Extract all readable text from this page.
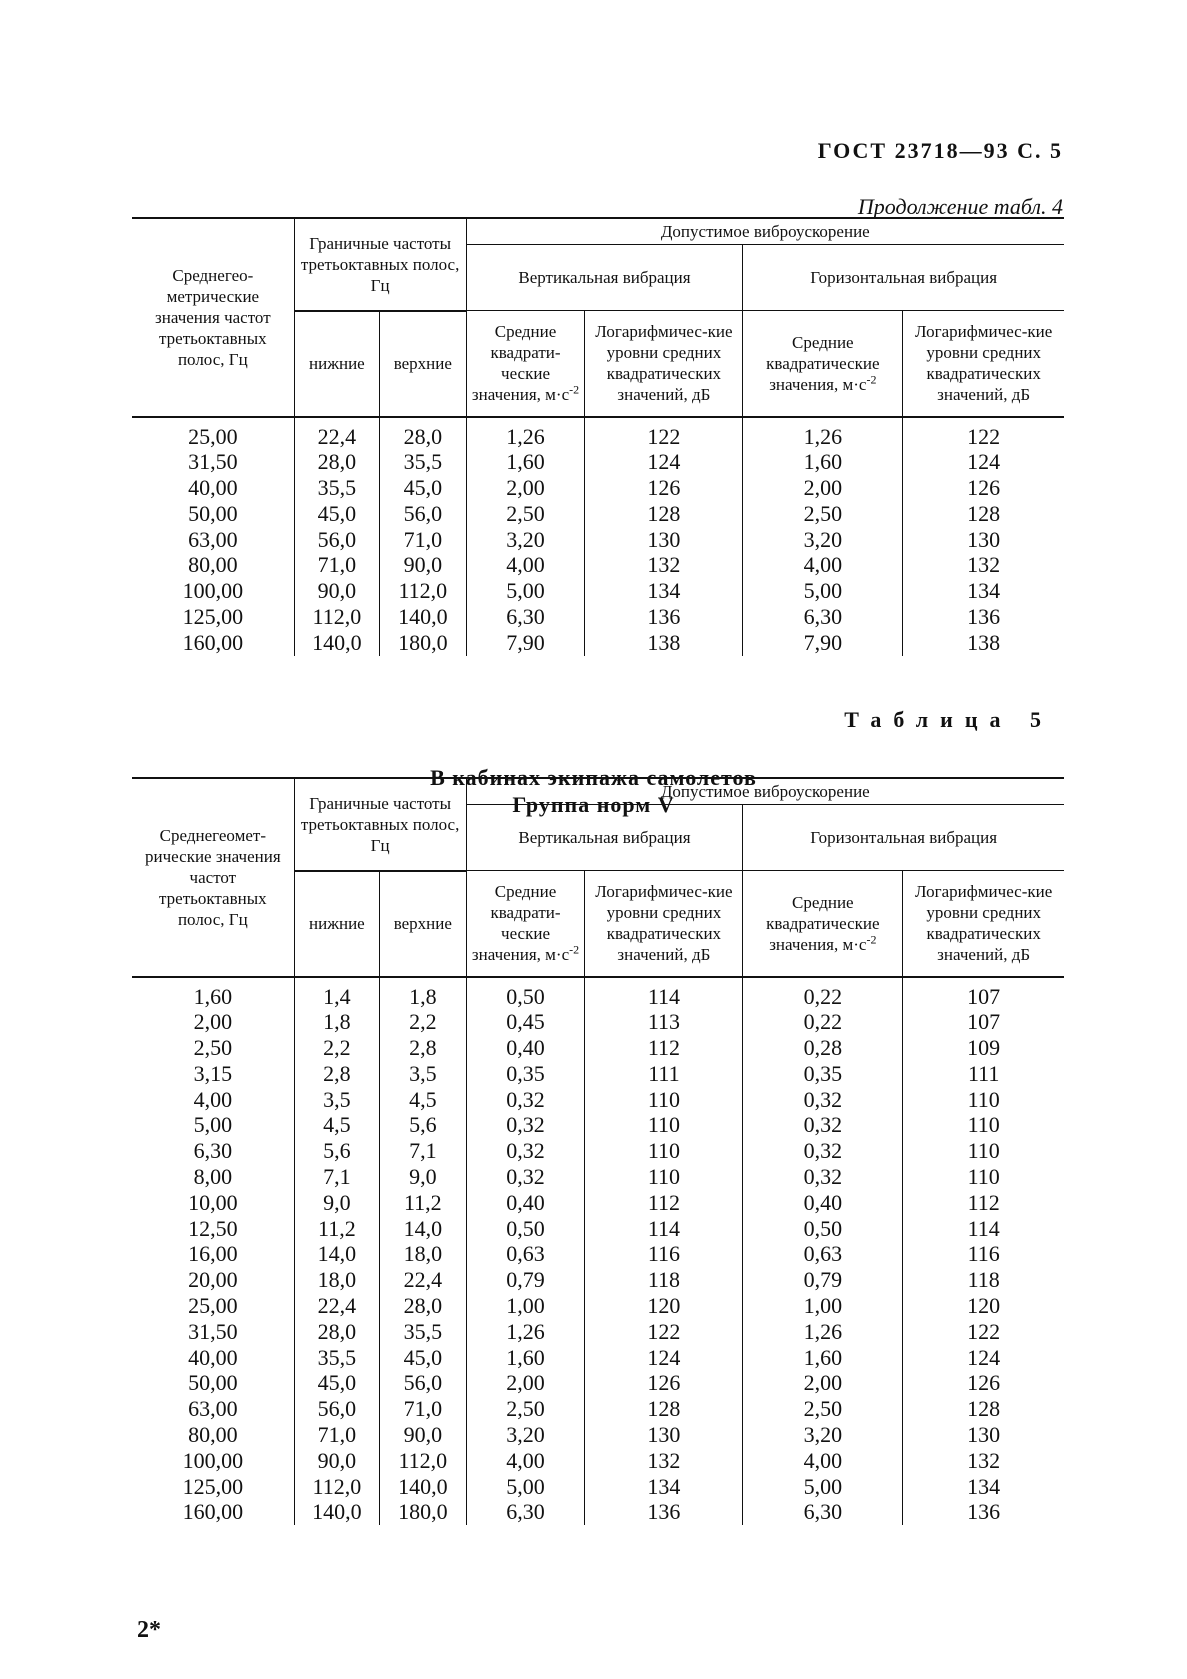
ГОСТ 23718—93 С. 5
Продолжение табл. 4
Среднегео-метрические значения частот третьоктавных полос, Гц	Граничные частоты третьоктавных полос, Гц		Допустимое виброускорение			
			Вертикальная вибрация		Горизонтальная вибрация	
	нижние	верхние	Средние квадрати-ческие значения, $м\cdot с^{-2}$	Логарифмичес-кие уровни средних квадратических значений, дБ	Средние квадратические значения, $м\cdot с^{-2}$	Логарифмичес-кие уровни средних квадратических значений, дБ
25,00	22,4	28,0	1,26	122	1,26	122
31,50	28,0	35,5	1,60	124	1,60	124
40,00	35,5	45,0	2,00	126	2,00	126
50,00	45,0	56,0	2,50	128	2,50	128
63,00	56,0	71,0	3,20	130	3,20	130
80,00	71,0	90,0	4,00	132	4,00	132
100,00	90,0	112,0	5,00	134	5,00	134
125,00	112,0	140,0	6,30	136	6,30	136
160,00	140,0	180,0	7,90	138	7,90	138
Таблица 5
В кабинах экипажа самолетов
Группа норм V
Среднегеомет-рические значения частот третьоктавных полос, Гц	Граничные частоты третьоктавных полос, Гц		Допустимое виброускорение			
			Вертикальная вибрация		Горизонтальная вибрация	
	нижние	верхние	Средние квадрати-ческие значения, $м\cdot с^{-2}$	Логарифмичес-кие уровни средних квадратических значений, дБ	Средние квадратические значения, $м\cdot с^{-2}$	Логарифмичес-кие уровни средних квадратических значений, дБ
1,60	1,4	1,8	0,50	114	0,22	107
2,00	1,8	2,2	0,45	113	0,22	107
2,50	2,2	2,8	0,40	112	0,28	109
3,15	2,8	3,5	0,35	111	0,35	111
4,00	3,5	4,5	0,32	110	0,32	110
5,00	4,5	5,6	0,32	110	0,32	110
6,30	5,6	7,1	0,32	110	0,32	110
8,00	7,1	9,0	0,32	110	0,32	110
10,00	9,0	11,2	0,40	112	0,40	112
12,50	11,2	14,0	0,50	114	0,50	114
16,00	14,0	18,0	0,63	116	0,63	116
20,00	18,0	22,4	0,79	118	0,79	118
25,00	22,4	28,0	1,00	120	1,00	120
31,50	28,0	35,5	1,26	122	1,26	122
40,00	35,5	45,0	1,60	124	1,60	124
50,00	45,0	56,0	2,00	126	2,00	126
63,00	56,0	71,0	2,50	128	2,50	128
80,00	71,0	90,0	3,20	130	3,20	130
100,00	90,0	112,0	4,00	132	4,00	132
125,00	112,0	140,0	5,00	134	5,00	134
160,00	140,0	180,0	6,30	136	6,30	136
2*
